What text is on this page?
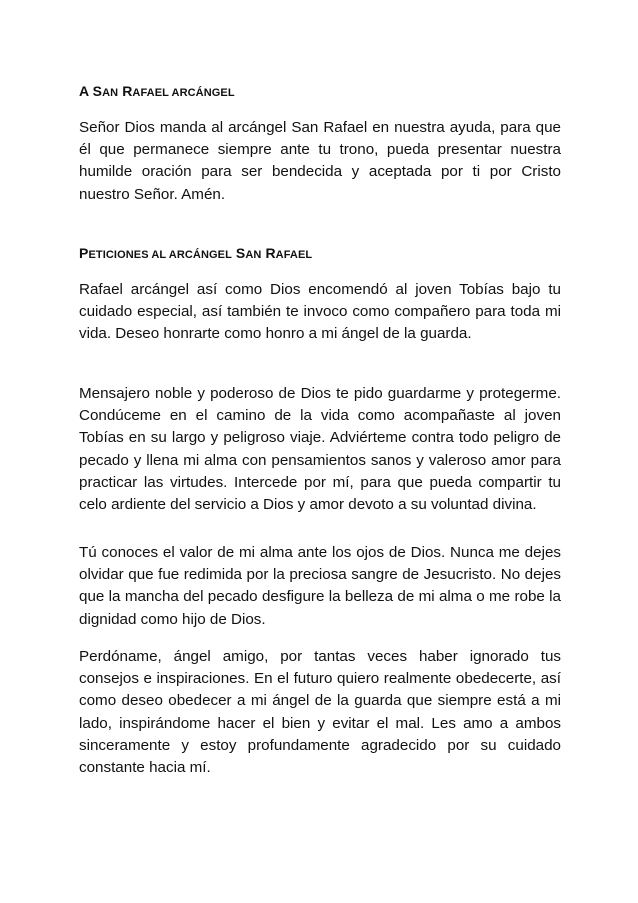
A SAN RAFAEL ARCÁNGEL

Señor Dios manda al arcángel San Rafael en nuestra ayuda, para que él que permanece siempre ante tu trono, pueda presentar nuestra humilde oración para ser bendecida y aceptada por ti por Cristo nuestro Señor. Amén.

PETICIONES AL ARCÁNGEL SAN RAFAEL

Rafael arcángel así como Dios encomendó al joven Tobías bajo tu cuidado especial, así también te invoco como compañero para toda mi vida. Deseo honrarte como honro a mi ángel de la guarda.

Mensajero noble y poderoso de Dios te pido guardarme y protegerme. Condúceme en el camino de la vida como acompañaste al joven Tobías en su largo y peligroso viaje. Adviérteme contra todo peligro de pecado y llena mi alma con pensamientos sanos y valeroso amor para practicar las virtudes. Intercede por mí, para que pueda compartir tu celo ardiente del servicio a Dios y amor devoto a su voluntad divina.

Tú conoces el valor de mi alma ante los ojos de Dios. Nunca me dejes olvidar que fue redimida por la preciosa sangre de Jesucristo. No dejes que la mancha del pecado desfigure la belleza de mi alma o me robe la dignidad como hijo de Dios.

Perdóname, ángel amigo, por tantas veces haber ignorado tus consejos e inspiraciones. En el futuro quiero realmente obedecerte, así como deseo obedecer a mi ángel de la guarda que siempre está a mi lado, inspirándome hacer el bien y evitar el mal. Les amo a ambos sinceramente y estoy profundamente agradecido por su cuidado constante hacia mí.
